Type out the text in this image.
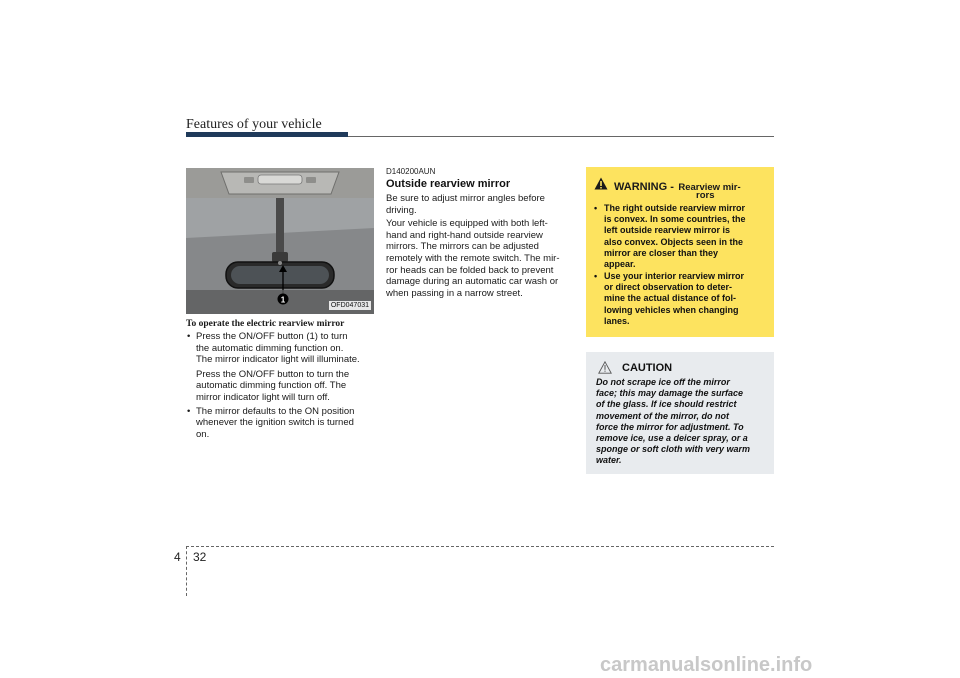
Features of your vehicle
1
OFD047031
To operate the electric rearview mirror
• Press the ON/OFF button (1) to turn
the automatic dimming function on.
The mirror indicator light will illuminate.
Press the ON/OFF button to turn the
automatic dimming function off. The
mirror indicator light will turn off.
• The mirror defaults to the ON position
whenever the ignition switch is turned
on.
D140200AUN
Outside rearview mirror
Be sure to adjust mirror angles before
driving.
Your vehicle is equipped with both left-
hand and right-hand outside rearview
mirrors. The mirrors can be adjusted
remotely with the remote switch. The mir-
ror heads can be folded back to prevent
damage during an automatic car wash or
when passing in a narrow street.
WARNING - Rearview mir-
rors
• The right outside rearview mirror
is convex. In some countries, the
left outside rearview mirror is
also convex. Objects seen in the
mirror are closer than they
appear.
• Use your interior rearview mirror
or direct observation to deter-
mine the actual distance of fol-
lowing vehicles when changing
lanes.
CAUTION
Do not scrape ice off the mirror
face; this may damage the surface
of the glass. If ice should restrict
movement of the mirror, do not
force the mirror for adjustment. To
remove ice, use a deicer spray, or a
sponge or soft cloth with very warm
water.
4 32
carmanualsonline.info
